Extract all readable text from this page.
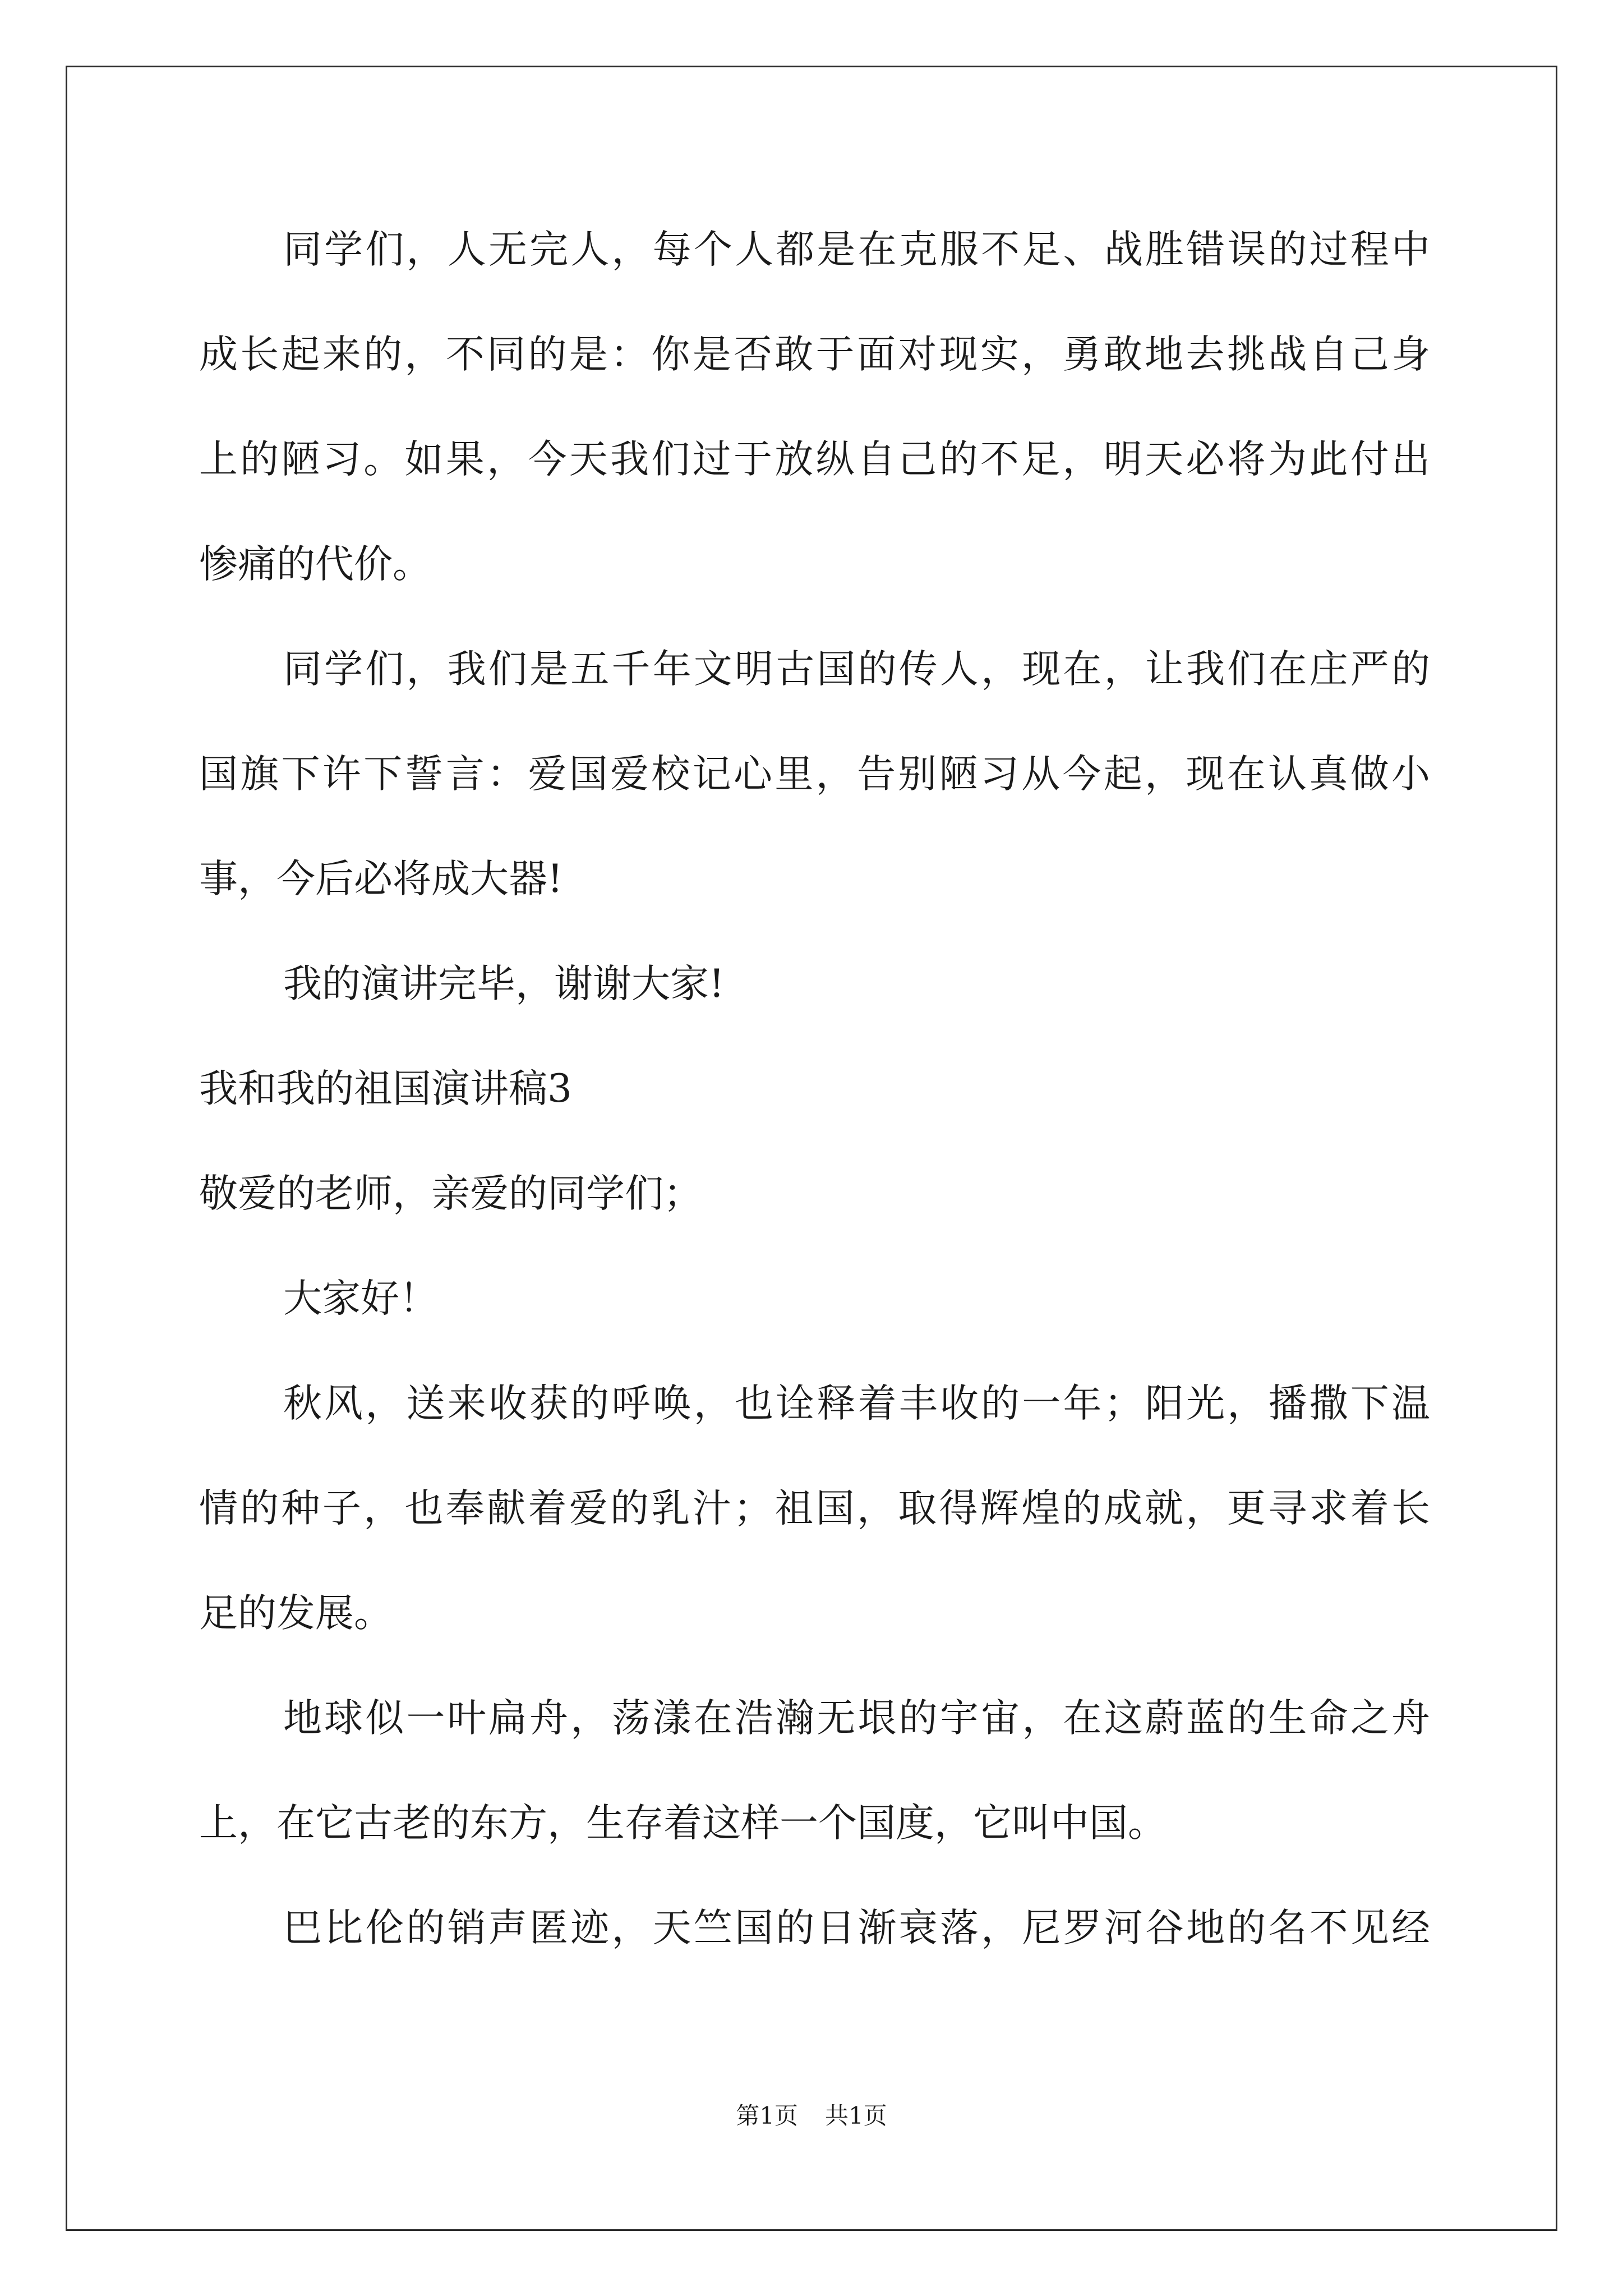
同学们，人无完人，每个人都是在克服不足、战胜错误的过程中
成长起来的，不同的是：你是否敢于面对现实，勇敢地去挑战自己身
上的陋习。如果，今天我们过于放纵自己的不足，明天必将为此付出
惨痛的代价。
同学们，我们是五千年文明古国的传人，现在，让我们在庄严的
国旗下许下誓言：爱国爱校记心里，告别陋习从今起，现在认真做小
事，今后必将成大器!
我的演讲完毕，谢谢大家!
我和我的祖国演讲稿3
敬爱的老师，亲爱的同学们；
大家好！
秋风，送来收获的呼唤，也诠释着丰收的一年；阳光，播撒下温
情的种子，也奉献着爱的乳汁；祖国，取得辉煌的成就，更寻求着长
足的发展。
地球似一叶扁舟，荡漾在浩瀚无垠的宇宙，在这蔚蓝的生命之舟
上，在它古老的东方，生存着这样一个国度，它叫中国。
巴比伦的销声匿迹，天竺国的日渐衰落，尼罗河谷地的名不见经
第1页 共1页
